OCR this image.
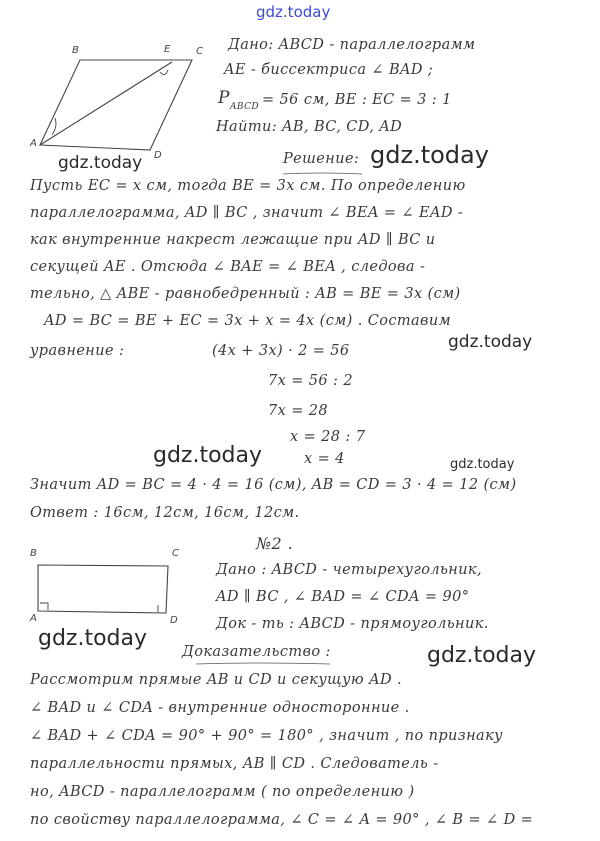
B	E	C
A
D
B	C
A	D
Дано: ABCD - параллелограмм
AE - биссектриса ∠ BAD ;
P ABCD = 56 см, BE : EC = 3 : 1
Найти: AB, BC, CD, AD
Решение:
Пусть EC = x см, тогда BE = 3x см. По определению
параллелограмма, AD ∥ BC , значит ∠ BEA = ∠ EAD -
как внутренние накрест лежащие при AD ∥ BC и
секущей AE . Отсюда ∠ BAE = ∠ BEA , следова -
тельно, △ ABE - равнобедренный : AB = BE = 3x (см)
AD = BC = BE + EC = 3x + x = 4x (см) . Составим
уравнение :	(4x + 3x) · 2 = 56
7x = 56 : 2
7x = 28
x = 28 : 7
x = 4
Значит AD = BC = 4 · 4 = 16 (см), AB = CD = 3 · 4 = 12 (см)
Ответ : 16см, 12см, 16см, 12см.
№2 .
Дано : ABCD - четырехугольник,
AD ∥ BC , ∠ BAD = ∠ CDA = 90°
Док - ть : ABCD - прямоугольник.
Доказательство :
Рассмотрим прямые AB и CD и секущую AD .
∠ BAD и ∠ CDA - внутренние односторонние .
∠ BAD + ∠ CDA = 90° + 90° = 180° , значит , по признаку
параллельности прямых, AB ∥ CD . Следователь -
но, ABCD - параллелограмм ( по определению )
по свойству параллелограмма, ∠ C = ∠ A = 90° , ∠ B = ∠ D =
gdz.today
gdz.today	gdz.today
gdz.today
gdz.today	gdz.today
gdz.today
gdz.today
